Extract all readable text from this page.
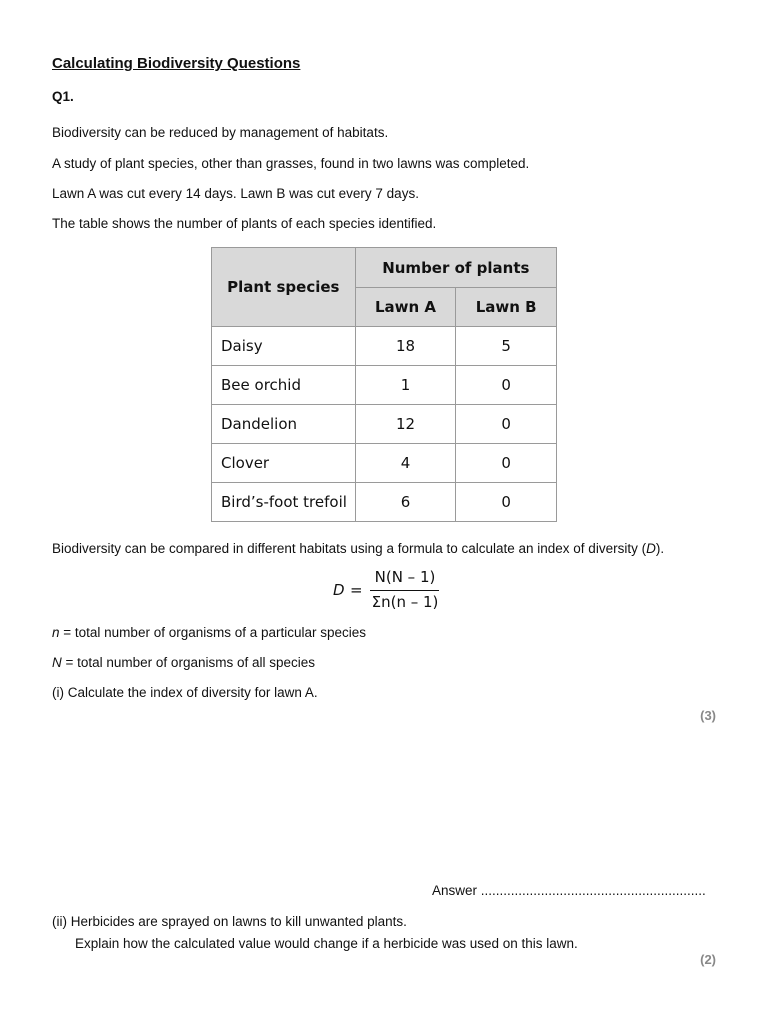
Calculating Biodiversity Questions
Q1.
Biodiversity can be reduced by management of habitats.
A study of plant species, other than grasses, found in two lawns was completed.
Lawn A was cut every 14 days. Lawn B was cut every 7 days.
The table shows the number of plants of each species identified.
Plant species	Number of plants	
	Lawn A	Lawn B
Daisy	18	5
Bee orchid	1	0
Dandelion	12	0
Clover	4	0
Bird’s-foot trefoil	6	0
Biodiversity can be compared in different habitats using a formula to calculate an index of diversity (D).
D =
N(N – 1)
Σn(n – 1)
n = total number of organisms of a particular species
N = total number of organisms of all species
(i) Calculate the index of diversity for lawn A.
(3)
Answer ............................................................
(ii) Herbicides are sprayed on lawns to kill unwanted plants.
Explain how the calculated value would change if a herbicide was used on this lawn.
(2)
